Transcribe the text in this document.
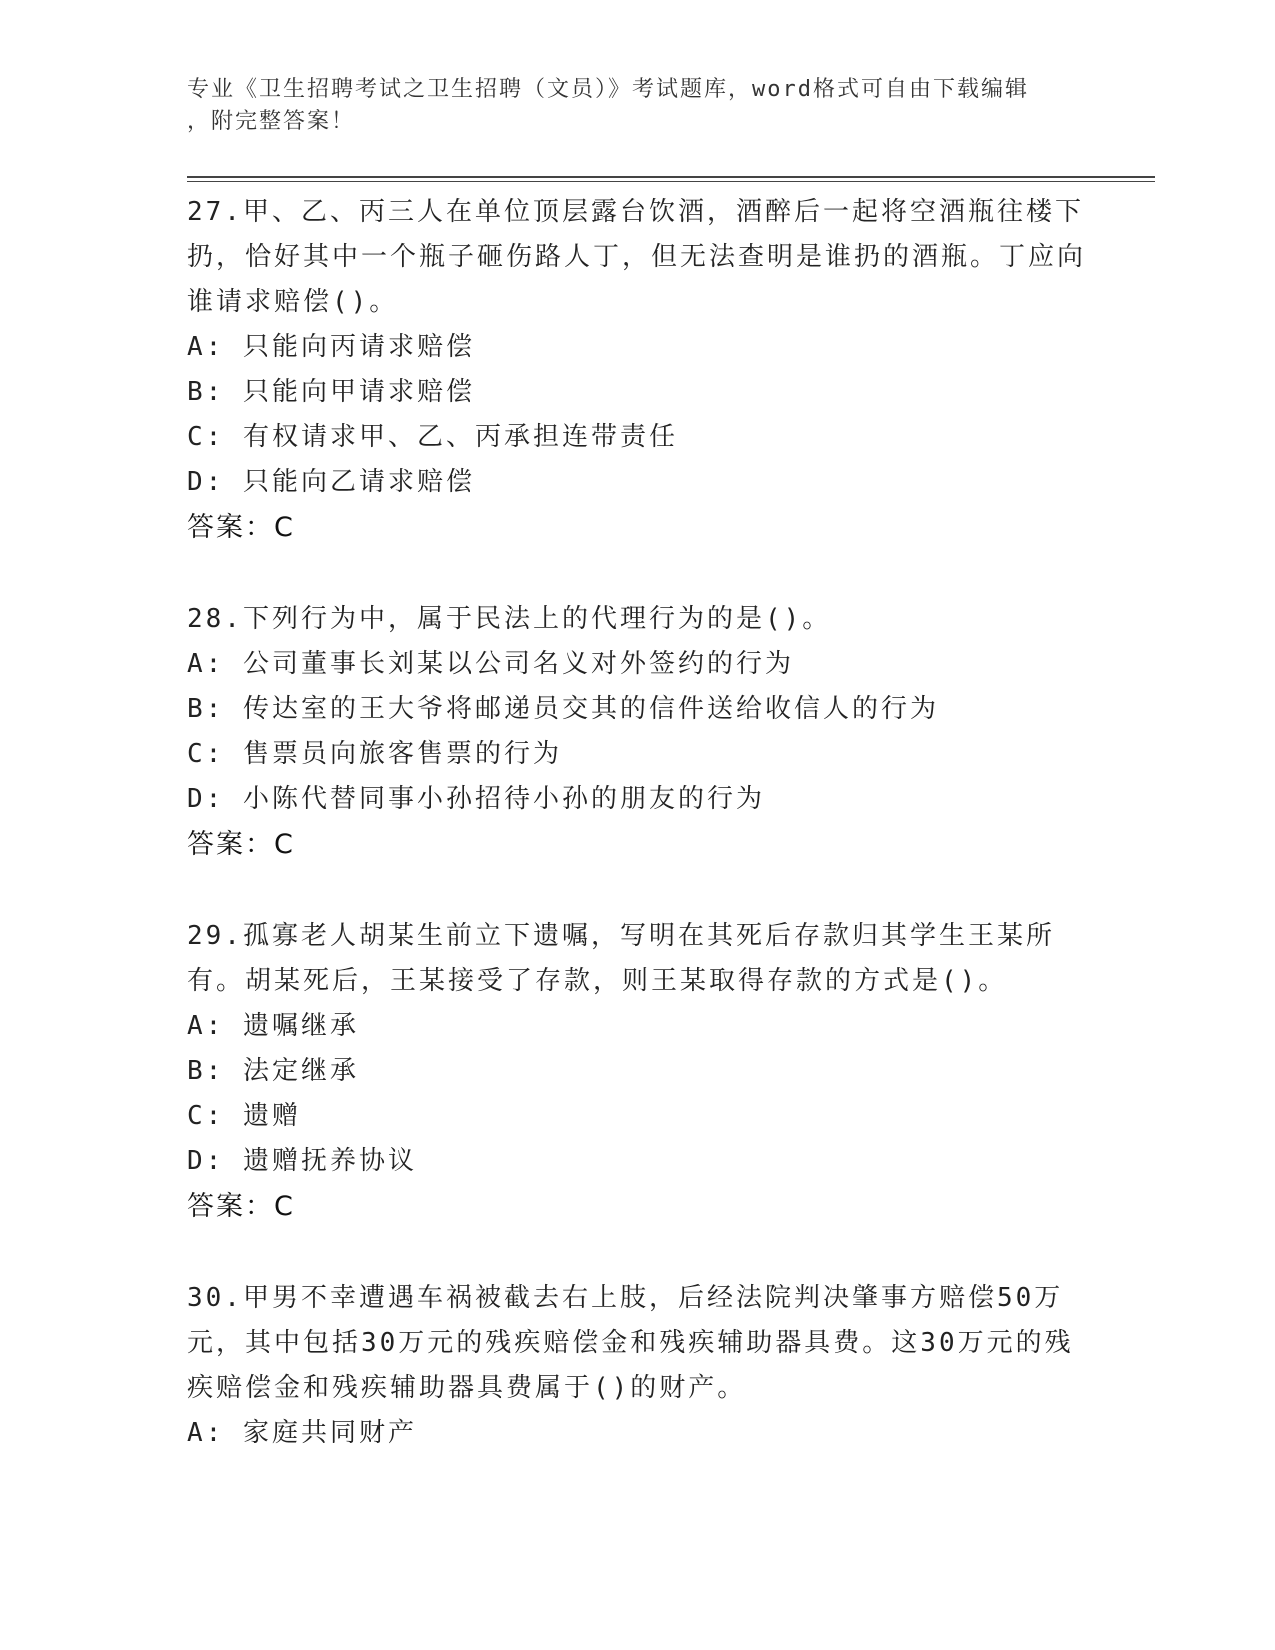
专业《卫生招聘考试之卫生招聘（文员）》考试题库，word格式可自由下载编辑
，附完整答案！
27.甲、乙、丙三人在单位顶层露台饮酒，酒醉后一起将空酒瓶往楼下扔，恰好其中一个瓶子砸伤路人丁，但无法查明是谁扔的酒瓶。丁应向谁请求赔偿()。
A: 只能向丙请求赔偿
B: 只能向甲请求赔偿
C: 有权请求甲、乙、丙承担连带责任
D: 只能向乙请求赔偿
答案：C
28.下列行为中，属于民法上的代理行为的是()。
A: 公司董事长刘某以公司名义对外签约的行为
B: 传达室的王大爷将邮递员交其的信件送给收信人的行为
C: 售票员向旅客售票的行为
D: 小陈代替同事小孙招待小孙的朋友的行为
答案：C
29.孤寡老人胡某生前立下遗嘱，写明在其死后存款归其学生王某所有。胡某死后，王某接受了存款，则王某取得存款的方式是()。
A: 遗嘱继承
B: 法定继承
C: 遗赠
D: 遗赠抚养协议
答案：C
30.甲男不幸遭遇车祸被截去右上肢，后经法院判决肇事方赔偿50万元，其中包括30万元的残疾赔偿金和残疾辅助器具费。这30万元的残疾赔偿金和残疾辅助器具费属于()的财产。
A: 家庭共同财产
